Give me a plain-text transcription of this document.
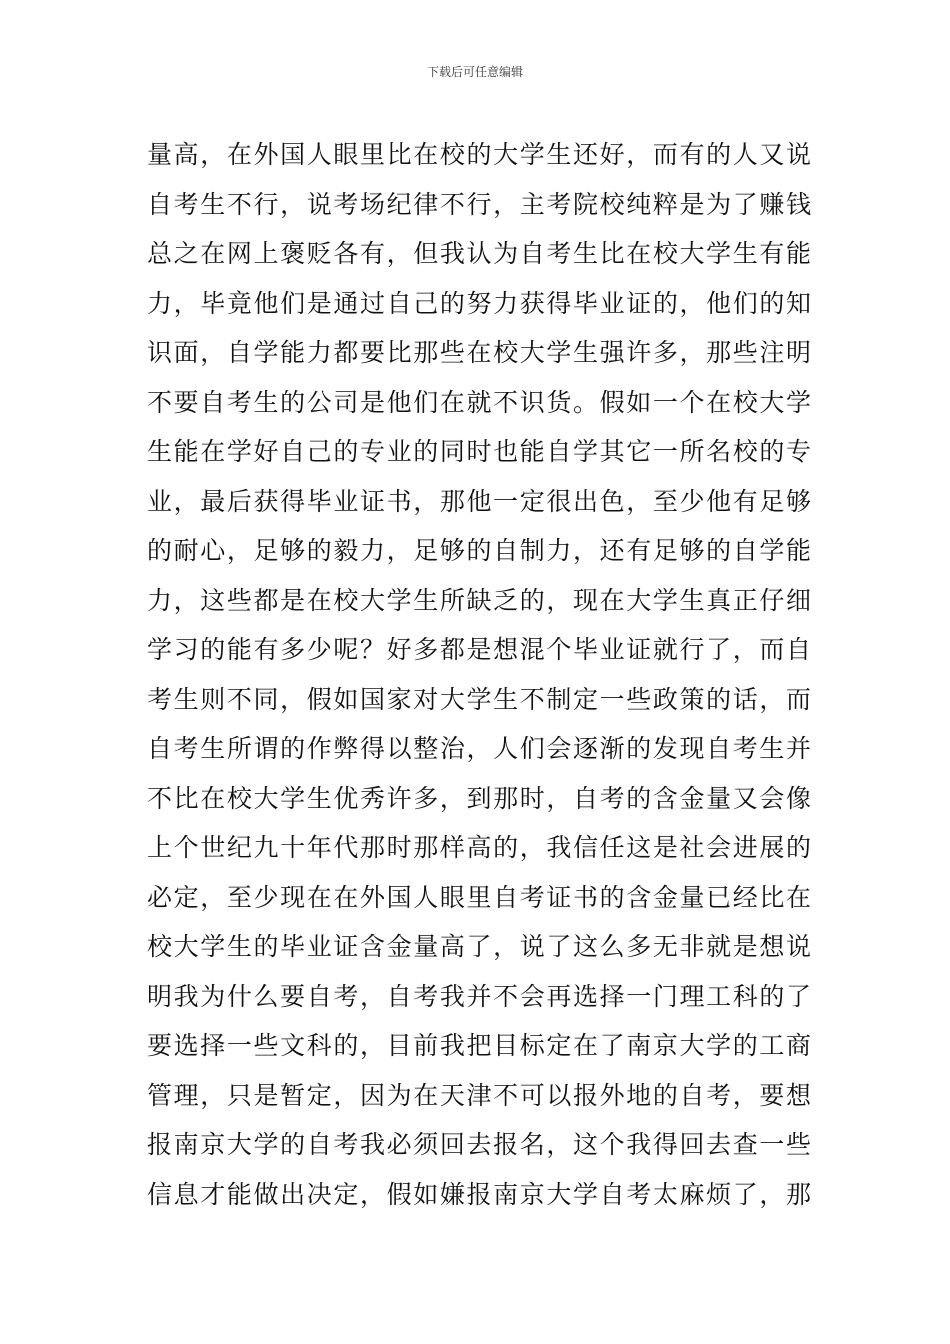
下载后可任意编辑
量高，在外国人眼里比在校的大学生还好，而有的人又说
自考生不行，说考场纪律不行，主考院校纯粹是为了赚钱
总之在网上褒贬各有，但我认为自考生比在校大学生有能
力，毕竟他们是通过自己的努力获得毕业证的，他们的知
识面，自学能力都要比那些在校大学生强许多，那些注明
不要自考生的公司是他们在就不识货。假如一个在校大学
生能在学好自己的专业的同时也能自学其它一所名校的专
业，最后获得毕业证书，那他一定很出色，至少他有足够
的耐心，足够的毅力，足够的自制力，还有足够的自学能
力，这些都是在校大学生所缺乏的，现在大学生真正仔细
学习的能有多少呢？好多都是想混个毕业证就行了，而自
考生则不同，假如国家对大学生不制定一些政策的话，而
自考生所谓的作弊得以整治，人们会逐渐的发现自考生并
不比在校大学生优秀许多，到那时，自考的含金量又会像
上个世纪九十年代那时那样高的，我信任这是社会进展的
必定，至少现在在外国人眼里自考证书的含金量已经比在
校大学生的毕业证含金量高了，说了这么多无非就是想说
明我为什么要自考，自考我并不会再选择一门理工科的了
要选择一些文科的，目前我把目标定在了南京大学的工商
管理，只是暂定，因为在天津不可以报外地的自考，要想
报南京大学的自考我必须回去报名，这个我得回去查一些
信息才能做出决定，假如嫌报南京大学自考太麻烦了，那
